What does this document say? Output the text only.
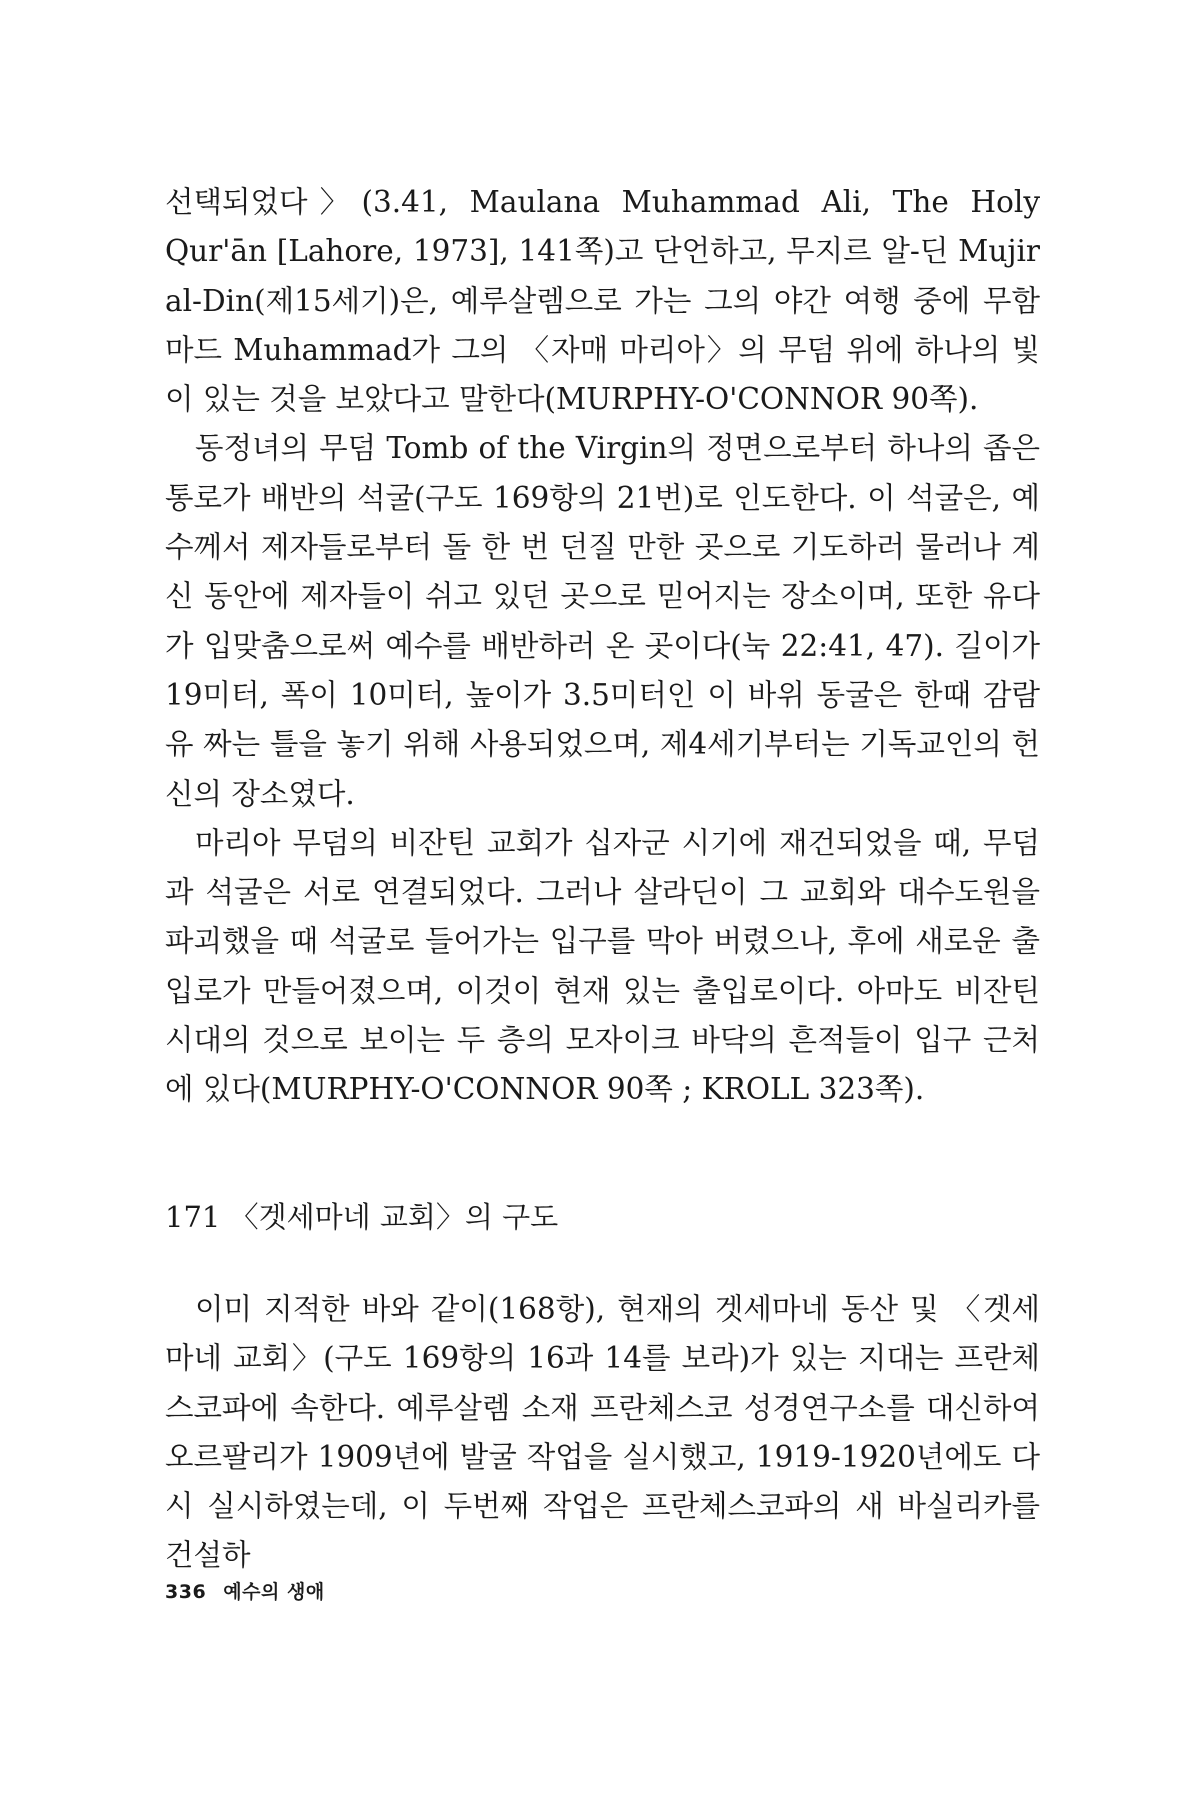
선택되었다〉(3.41, Maulana Muhammad Ali, The Holy Qur'ān [Lahore, 1973], 141쪽)고 단언하고, 무지르 알-딘 Mujir al-Din(제15세기)은, 예루살렘으로 가는 그의 야간 여행 중에 무함마드 Muhammad가 그의 〈자매 마리아〉의 무덤 위에 하나의 빛이 있는 것을 보았다고 말한다(MURPHY-O'CONNOR 90쪽).

동정녀의 무덤 Tomb of the Virgin의 정면으로부터 하나의 좁은 통로가 배반의 석굴(구도 169항의 21번)로 인도한다. 이 석굴은, 예수께서 제자들로부터 돌 한 번 던질 만한 곳으로 기도하러 물러나 계신 동안에 제자들이 쉬고 있던 곳으로 믿어지는 장소이며, 또한 유다가 입맞춤으로써 예수를 배반하러 온 곳이다(눅 22:41, 47). 길이가 19미터, 폭이 10미터, 높이가 3.5미터인 이 바위 동굴은 한때 감람유 짜는 틀을 놓기 위해 사용되었으며, 제4세기부터는 기독교인의 헌신의 장소였다.

마리아 무덤의 비잔틴 교회가 십자군 시기에 재건되었을 때, 무덤과 석굴은 서로 연결되었다. 그러나 살라딘이 그 교회와 대수도원을 파괴했을 때 석굴로 들어가는 입구를 막아 버렸으나, 후에 새로운 출입로가 만들어졌으며, 이것이 현재 있는 출입로이다. 아마도 비잔틴 시대의 것으로 보이는 두 층의 모자이크 바닥의 흔적들이 입구 근처에 있다(MURPHY-O'CONNOR 90쪽 ; KROLL 323쪽).

171 〈겟세마네 교회〉의 구도

이미 지적한 바와 같이(168항), 현재의 겟세마네 동산 및 〈겟세마네 교회〉(구도 169항의 16과 14를 보라)가 있는 지대는 프란체스코파에 속한다. 예루살렘 소재 프란체스코 성경연구소를 대신하여 오르팔리가 1909년에 발굴 작업을 실시했고, 1919-1920년에도 다시 실시하였는데, 이 두번째 작업은 프란체스코파의 새 바실리카를 건설하

336 예수의 생애
